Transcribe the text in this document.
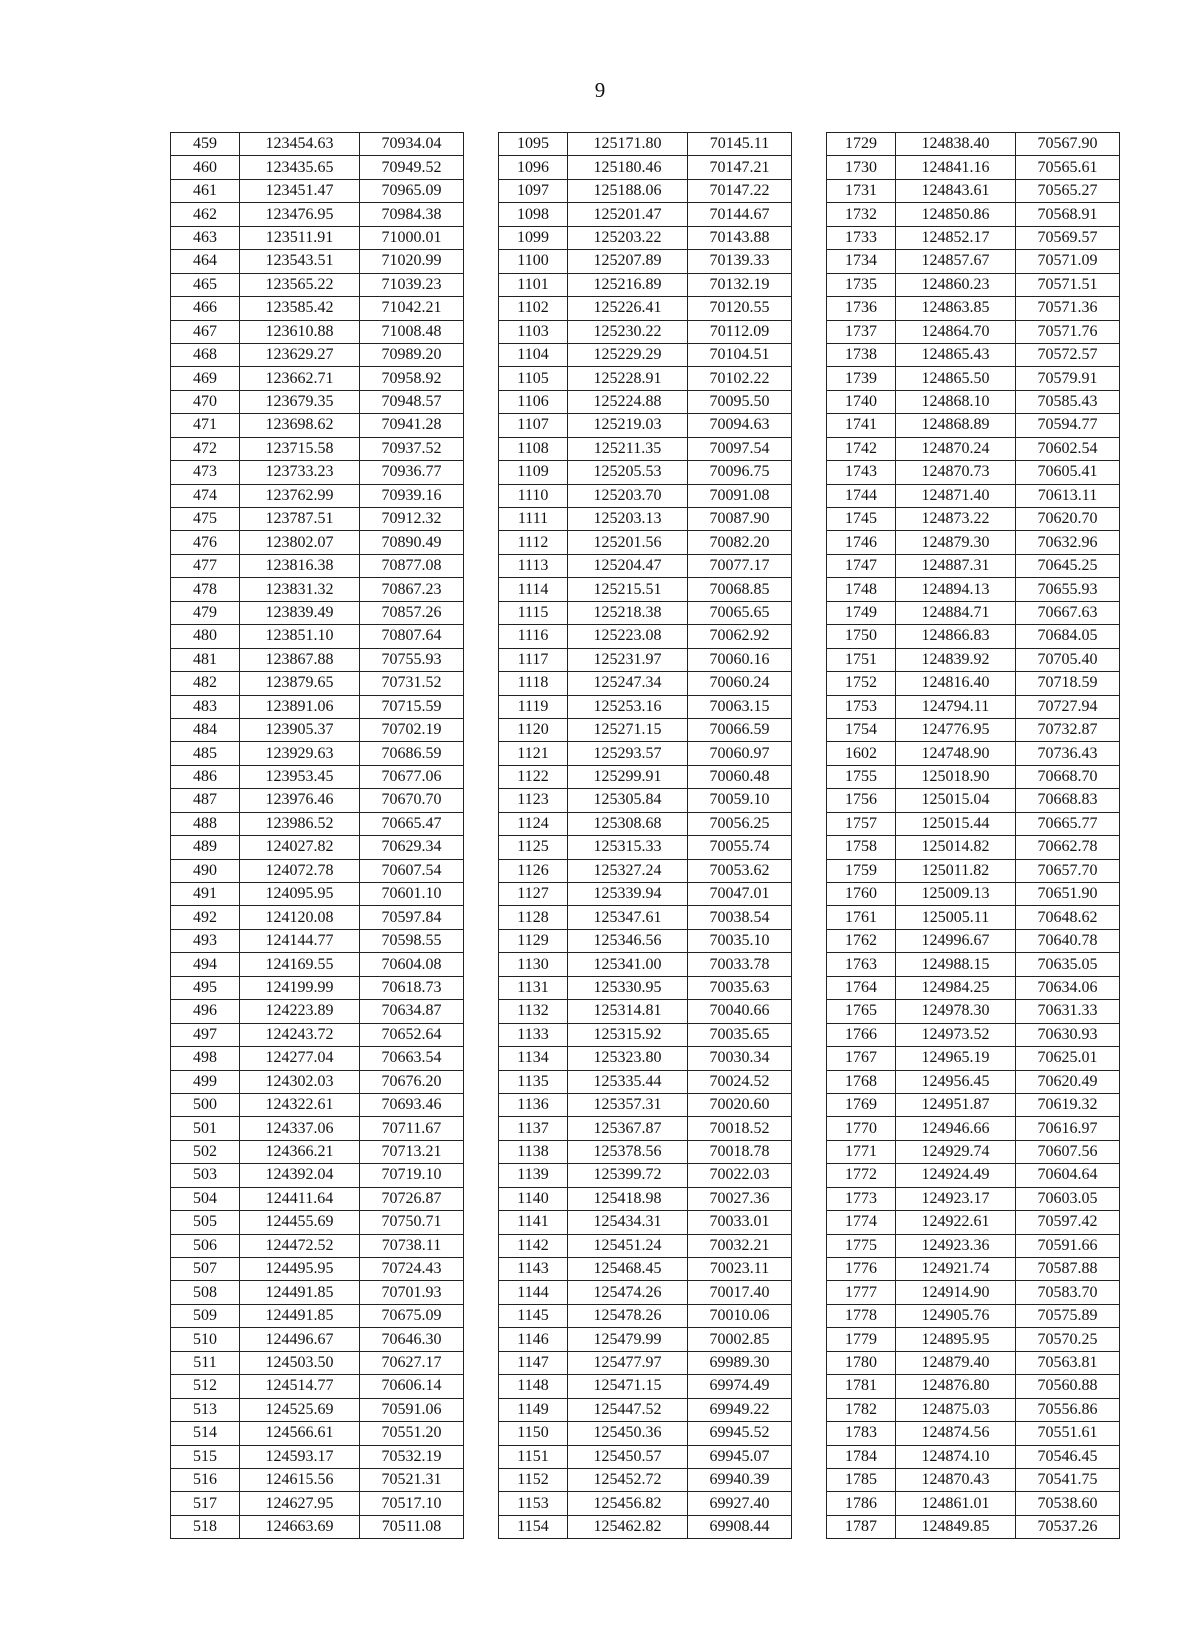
9
459	123454.63	70934.04		1095	125171.80	70145.11		1729	124838.40	70567.90
460	123435.65	70949.52		1096	125180.46	70147.21		1730	124841.16	70565.61
461	123451.47	70965.09		1097	125188.06	70147.22		1731	124843.61	70565.27
462	123476.95	70984.38		1098	125201.47	70144.67		1732	124850.86	70568.91
463	123511.91	71000.01		1099	125203.22	70143.88		1733	124852.17	70569.57
464	123543.51	71020.99		1100	125207.89	70139.33		1734	124857.67	70571.09
465	123565.22	71039.23		1101	125216.89	70132.19		1735	124860.23	70571.51
466	123585.42	71042.21		1102	125226.41	70120.55		1736	124863.85	70571.36
467	123610.88	71008.48		1103	125230.22	70112.09		1737	124864.70	70571.76
468	123629.27	70989.20		1104	125229.29	70104.51		1738	124865.43	70572.57
469	123662.71	70958.92		1105	125228.91	70102.22		1739	124865.50	70579.91
470	123679.35	70948.57		1106	125224.88	70095.50		1740	124868.10	70585.43
471	123698.62	70941.28		1107	125219.03	70094.63		1741	124868.89	70594.77
472	123715.58	70937.52		1108	125211.35	70097.54		1742	124870.24	70602.54
473	123733.23	70936.77		1109	125205.53	70096.75		1743	124870.73	70605.41
474	123762.99	70939.16		1110	125203.70	70091.08		1744	124871.40	70613.11
475	123787.51	70912.32		1111	125203.13	70087.90		1745	124873.22	70620.70
476	123802.07	70890.49		1112	125201.56	70082.20		1746	124879.30	70632.96
477	123816.38	70877.08		1113	125204.47	70077.17		1747	124887.31	70645.25
478	123831.32	70867.23		1114	125215.51	70068.85		1748	124894.13	70655.93
479	123839.49	70857.26		1115	125218.38	70065.65		1749	124884.71	70667.63
480	123851.10	70807.64		1116	125223.08	70062.92		1750	124866.83	70684.05
481	123867.88	70755.93		1117	125231.97	70060.16		1751	124839.92	70705.40
482	123879.65	70731.52		1118	125247.34	70060.24		1752	124816.40	70718.59
483	123891.06	70715.59		1119	125253.16	70063.15		1753	124794.11	70727.94
484	123905.37	70702.19		1120	125271.15	70066.59		1754	124776.95	70732.87
485	123929.63	70686.59		1121	125293.57	70060.97		1602	124748.90	70736.43
486	123953.45	70677.06		1122	125299.91	70060.48		1755	125018.90	70668.70
487	123976.46	70670.70		1123	125305.84	70059.10		1756	125015.04	70668.83
488	123986.52	70665.47		1124	125308.68	70056.25		1757	125015.44	70665.77
489	124027.82	70629.34		1125	125315.33	70055.74		1758	125014.82	70662.78
490	124072.78	70607.54		1126	125327.24	70053.62		1759	125011.82	70657.70
491	124095.95	70601.10		1127	125339.94	70047.01		1760	125009.13	70651.90
492	124120.08	70597.84		1128	125347.61	70038.54		1761	125005.11	70648.62
493	124144.77	70598.55		1129	125346.56	70035.10		1762	124996.67	70640.78
494	124169.55	70604.08		1130	125341.00	70033.78		1763	124988.15	70635.05
495	124199.99	70618.73		1131	125330.95	70035.63		1764	124984.25	70634.06
496	124223.89	70634.87		1132	125314.81	70040.66		1765	124978.30	70631.33
497	124243.72	70652.64		1133	125315.92	70035.65		1766	124973.52	70630.93
498	124277.04	70663.54		1134	125323.80	70030.34		1767	124965.19	70625.01
499	124302.03	70676.20		1135	125335.44	70024.52		1768	124956.45	70620.49
500	124322.61	70693.46		1136	125357.31	70020.60		1769	124951.87	70619.32
501	124337.06	70711.67		1137	125367.87	70018.52		1770	124946.66	70616.97
502	124366.21	70713.21		1138	125378.56	70018.78		1771	124929.74	70607.56
503	124392.04	70719.10		1139	125399.72	70022.03		1772	124924.49	70604.64
504	124411.64	70726.87		1140	125418.98	70027.36		1773	124923.17	70603.05
505	124455.69	70750.71		1141	125434.31	70033.01		1774	124922.61	70597.42
506	124472.52	70738.11		1142	125451.24	70032.21		1775	124923.36	70591.66
507	124495.95	70724.43		1143	125468.45	70023.11		1776	124921.74	70587.88
508	124491.85	70701.93		1144	125474.26	70017.40		1777	124914.90	70583.70
509	124491.85	70675.09		1145	125478.26	70010.06		1778	124905.76	70575.89
510	124496.67	70646.30		1146	125479.99	70002.85		1779	124895.95	70570.25
511	124503.50	70627.17		1147	125477.97	69989.30		1780	124879.40	70563.81
512	124514.77	70606.14		1148	125471.15	69974.49		1781	124876.80	70560.88
513	124525.69	70591.06		1149	125447.52	69949.22		1782	124875.03	70556.86
514	124566.61	70551.20		1150	125450.36	69945.52		1783	124874.56	70551.61
515	124593.17	70532.19		1151	125450.57	69945.07		1784	124874.10	70546.45
516	124615.56	70521.31		1152	125452.72	69940.39		1785	124870.43	70541.75
517	124627.95	70517.10		1153	125456.82	69927.40		1786	124861.01	70538.60
518	124663.69	70511.08		1154	125462.82	69908.44		1787	124849.85	70537.26
